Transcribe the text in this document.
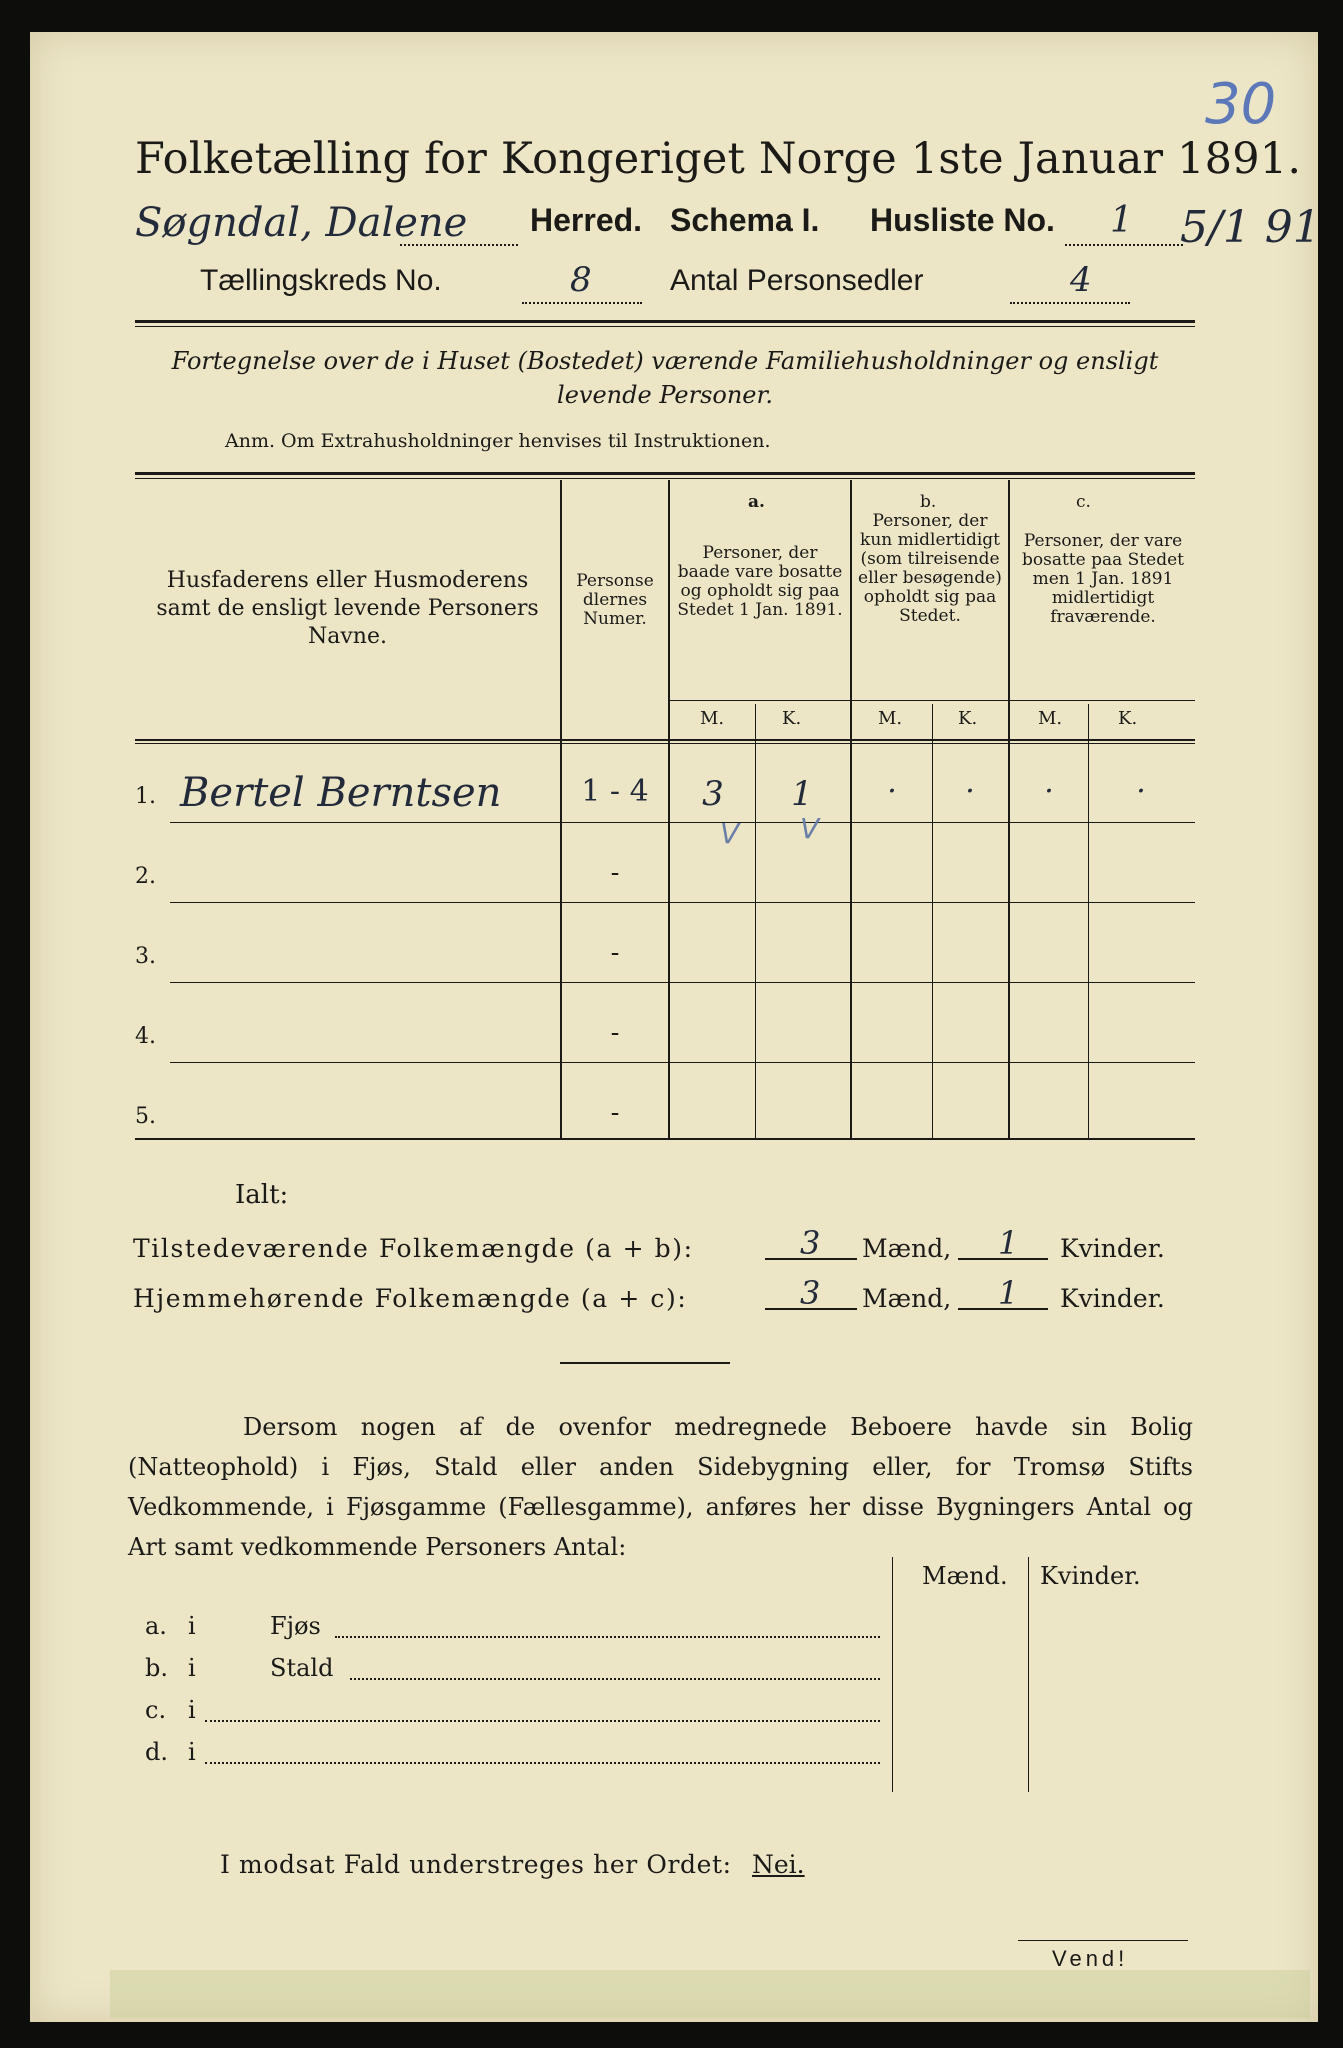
30
5/1 91
Folketælling for Kongeriget Norge 1ste Januar 1891.
Søgndal, Dalene Herred. Schema I. Husliste No. 1
Tællingskreds No.	8	Antal Personsedler	4
Fortegnelse over de i Huset (Bostedet) værende Familiehusholdninger og ensligt levende Personer.
Anm. Om Extrahusholdninger henvises til Instruktionen.
Husfaderens eller Husmoderens samt de ensligt levende Personers Navne.
Personsedlernes Numer.
a.
Personer, der baade vare bosatte og opholdt sig paa Stedet 1 Jan. 1891.
b.
Personer, der kun midlertidigt (som tilreisende eller besøgende) opholdt sig paa Stedet.
c.
Personer, der vare bosatte paa Stedet men 1 Jan. 1891 midlertidigt fraværende.
M.	K.	M.	K.	M.	K.
1. Bertel Berntsen	1 - 4	3	1	·	·	·	·
V V
2.	-
3.	-
4.	-
5.	-
Ialt:
Tilstedeværende Folkemængde (a + b):	3 Mænd, 1 Kvinder.
Hjemmehørende Folkemængde (a + c):	3 Mænd, 1 Kvinder.
Dersom nogen af de ovenfor medregnede Beboere havde sin Bolig (Natteophold) i Fjøs, Stald eller anden Sidebygning eller, for Tromsø Stifts Vedkommende, i Fjøsgamme (Fællesgamme), anføres her disse Bygningers Antal og Art samt vedkommende Personers Antal:
Mænd. Kvinder.
a. i	Fjøs
b. i	Stald
c. i
d. i
I modsat Fald understreges her Ordet: Nei.
Vend!
